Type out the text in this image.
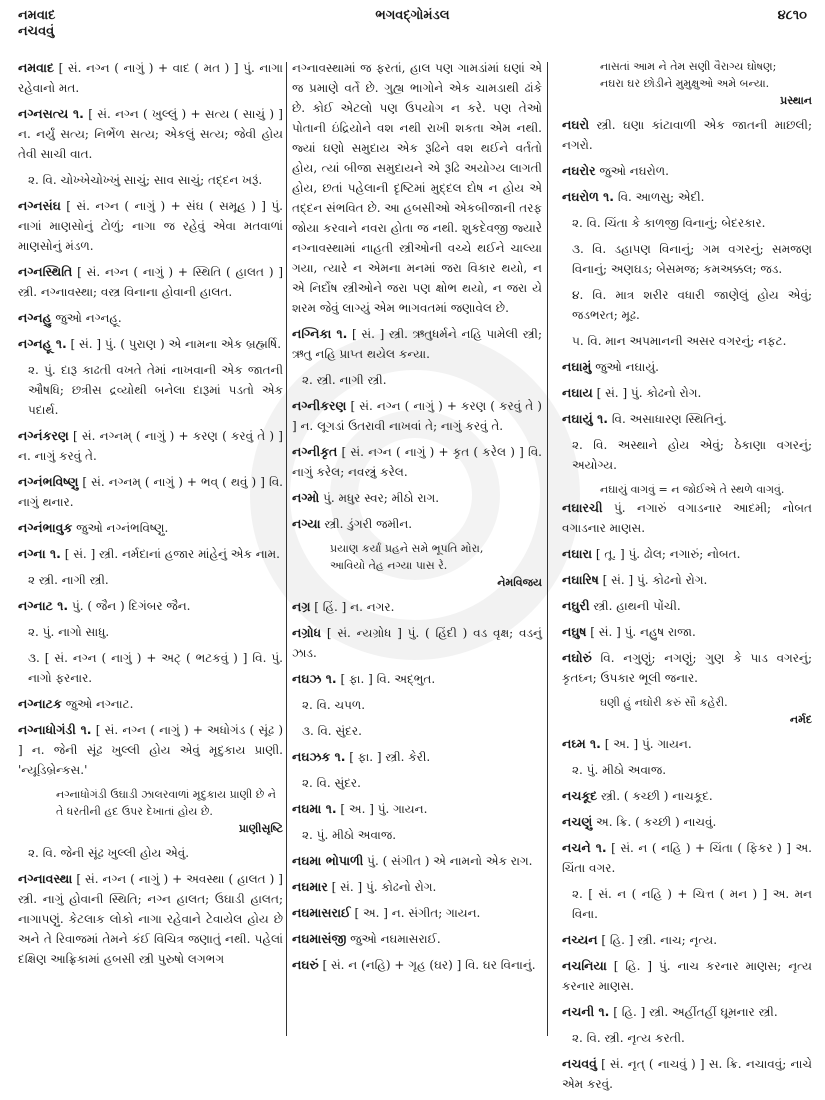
નમવાદ	ભગવદ્ગોમંડલ	૪૮૧૦
નચવવું

નમવાદ [ સં. નગ્ન ( નાગું ) + વાદ ( મત ) ] પું. નાગા રહેવાનો મત.

નગ્નસત્ય ૧. [ સં. નગ્ન ( ખુલ્લું ) + સત્ય ( સાચું ) ] ન. નર્યું સત્ય; નિર્ભેળ સત્ય; એકલું સત્ય; જેવી હોય તેવી સાચી વાત.

૨. વિ. ચોખ્ખેચોખ્ખું સાચું; સાવ સાચું; તદ્દન ખરૂં.

નગ્નસંઘ [ સં. નગ્ન ( નાગું ) + સંઘ ( સમૂહ ) ] પું. નાગાં માણસોનું ટોળું; નાગા જ રહેવું એવા મતવાળાં માણસોનું મંડળ.

નગ્નસ્થિતિ [ સં. નગ્ન ( નાગું ) + સ્થિતિ ( હાલત ) ] સ્ત્રી. નગ્નાવસ્થા; વસ્ત્ર વિનાના હોવાની હાલત.

નગ્નહુ જુઓ નગ્નહૂ.

નગ્નહૂ ૧. [ સં. ] પું. ( પુરાણ ) એ નામના એક બ્રહ્મર્ષિ.

૨. પું. દારૂ કાઢતી વખતે તેમાં નાખવાની એક જાતની ઔષધિ; છત્રીસ દ્રવ્યોથી બનેલા દારૂમાં પડતો એક પદાર્થ.

નગ્નંકરણ [ સં. નગ્નમ્ ( નાગું ) + કરણ ( કરવું તે ) ] ન. નાગું કરવું તે.

નગ્નંભવિષ્ણુ [ સં. નગ્નમ્ ( નાગું ) + ભવ્ ( થવું ) ] વિ. નાગું થનાર.

નગ્નંભાવુક જુઓ નગ્નંભવિષ્ણુ.

નગ્ના ૧. [ સં. ] સ્ત્રી. નર્મદાનાં હજાર માંહેનું એક નામ.

૨ સ્ત્રી. નાગી સ્ત્રી.

નગ્નાટ ૧. પું. ( જૈન ) દિગંબર જૈન.

૨. પું. નાગો સાધુ.

૩. [ સં. નગ્ન ( નાગું ) + અટ્ ( ભટકવું ) ] વિ. પું. નાગો ફરનાર.

નગ્નાટક જુઓ નગ્નાટ.

નગ્નાધોગંડી ૧. [ સં. નગ્ન ( નાગું ) + અધોગંડ ( સૂંઢ ) ] ન. જેની સૂંઢ ખુલ્લી હોય એવું મૃદુકાય પ્રાણી. 'ન્યૂડિબ્રેન્કસ.'

નગ્નાધોગંડી ઉઘાડી ઝાલરવાળાં મૃદુકાય પ્રાણી છે ને તે ધરતીની હદ ઉપર દેખાતાં હોય છે.

પ્રાણીસૃષ્ટિ

૨. વિ. જેની સૂંઢ ખુલ્લી હોય એવું.

નગ્નાવસ્થા [ સં. નગ્ન ( નાગું ) + અવસ્થા ( હાલત ) ] સ્ત્રી. નાગું હોવાની સ્થિતિ; નગ્ન હાલત; ઉઘાડી હાલત; નાગાપણું. કેટલાક લોકો નાગા રહેવાને ટેવાયેલ હોય છે અને તે રિવાજમાં તેમને કંઈ વિચિત્ર જણાતું નથી. પહેલાં દક્ષિણ આફ્રિકામાં હબસી સ્ત્રી પુરુષો લગભગ

નગ્નાવસ્થામાં જ ફરતાં, હાલ પણ ગામડાંમાં ઘણાં એ જ પ્રમાણે વર્તે છે. ગુહ્ય ભાગોને એક ચામડાથી ઢાંકે છે. કોઈ એટલો પણ ઉપયોગ ન કરે. પણ તેઓ પોતાની ઇંદ્રિયોને વશ નથી રાખી શકતા એમ નથી. જ્યાં ઘણો સમુદાય એક રૂઢિને વશ થઈને વર્તતો હોય, ત્યાં બીજા સમુદાયને એ રૂઢિ અયોગ્ય લાગતી હોય, છતાં પહેલાની દૃષ્ટિમાં મુદ્દલ દોષ ન હોય એ તદ્દન સંભવિત છે. આ હબસીઓ એકબીજાની તરફ જોયા કરવાને નવરા હોતા જ નથી. શુકદેવજી જ્યારે નગ્નાવસ્થામાં નાહતી સ્ત્રીઓની વચ્ચે થઈને ચાલ્યા ગયા, ત્યારે ન એમના મનમાં જરા વિકાર થયો, ન એ નિર્દોષ સ્ત્રીઓને જરા પણ ક્ષોભ થયો, ન જરા યે શરમ જેવું લાગ્યું એમ ભાગવતમાં જણાવેલ છે.

નગ્નિકા ૧. [ સં. ] સ્ત્રી. ઋતુધર્મને નહિ પામેલી સ્ત્રી; ઋતુ નહિ પ્રાપ્ત થયેલ કન્યા.

૨. સ્ત્રી. નાગી સ્ત્રી.

નગ્નીકરણ [ સં. નગ્ન ( નાગું ) + કરણ ( કરવું તે ) ] ન. લૂગડાં ઉતરાવી નાખવાં તે; નાગું કરવું તે.

નગ્નીકૃત [ સં. નગ્ન ( નાગું ) + કૃત ( કરેલ ) ] વિ. નાગું કરેલ; નવસ્ત્રું કરેલ.

નગ્મો પું. મધુર સ્વર; મીઠો રાગ.

નગ્યા સ્ત્રી. ડુંગરી જમીન.

પ્રયાણ કર્યાં પ્રહને સમે ભૂપતિ મોરા,

આવિયો તેહ નગ્યા પાસ રે.

નેમવિજય

નગ્ર [ હિં. ] ન. નગર.

નગ્રોધ [ સં. ન્યગ્રોધ ] પું. ( હિંદી ) વડ વૃક્ષ; વડનું ઝાડ.

નઘઝ ૧. [ ફા. ] વિ. અદ્ભુત.

૨. વિ. ચપળ.

૩. વિ. સુંદર.

નઘઝક ૧. [ ફા. ] સ્ત્રી. કેરી.

૨. વિ. સુંદર.

નઘમા ૧. [ અ. ] પું. ગાયન.

૨. પું. મીઠો અવાજ.

નઘમા ભોપાળી પું. ( સંગીત ) એ નામનો એક રાગ.

નઘમાર [ સં. ] પું. કોઢનો રોગ.

નઘમાસરાઈ [ અ. ] ન. સંગીત; ગાયન.

નઘમાસંજી જુઓ નઘમાસરાઈ.

નઘરું [ સં. ન (નહિ) + ગૃહ (ઘર) ] વિ. ઘર વિનાનું.

નાસતાં આમ ને તેમ સણી વૈરાગ્ય ઘોષણ;

નઘરા ઘર છોડીને મુમુક્ષુઓ અમે બન્યા.

પ્રસ્થાન

નઘરો સ્ત્રી. ઘણા કાંટાવાળી એક જાતની માછલી; નગરો.

નઘરોર જુઓ નઘરોળ.

નઘરોળ ૧. વિ. આળસુ; એદી.

૨. વિ. ચિંતા કે કાળજી વિનાનું; બેદરકાર.

૩. વિ. ડહાપણ વિનાનું; ગમ વગરનું; સમજણ વિનાનું; અણઘડ; બેસમજ; કમઅક્કલ; જડ.

૪. વિ. માત્ર શરીર વધારી જાણેલું હોય એવું; જડભરત; મૂઢ.

૫. વિ. માન અપમાનની અસર વગરનું; નફટ.

નઘામું જુઓ નઘાયું.

નઘાય [ સં. ] પું. કોઢનો રોગ.

નઘાયું ૧. વિ. અસાધારણ સ્થિતિનું.

૨. વિ. અસ્થાને હોય એવું; ઠેકાણા વગરનું; અયોગ્ય.

નઘાયું વાગવું = ન જોઈએ તે સ્થળે વાગવું.

નઘારચી પું. નગારું વગાડનાર આદમી; નોબત વગાડનાર માણસ.

નઘારા [ તૂ. ] પું. ઢોલ; નગારું; નોબત.

નઘારિષ [ સં. ] પું. કોઢનો રોગ.

નઘુરી સ્ત્રી. હાથની પોંચી.

નઘુષ [ સં. ] પું. નહુષ રાજા.

નઘોરું વિ. નગુણું; નગણું; ગુણ કે પાડ વગરનું; કૃતઘ્ન; ઉપકાર ભૂલી જનાર.

ઘણી હું નઘોરી કરું સૌ કહેરી.

નર્મદ

નઘ્મ ૧. [ અ. ] પું. ગાયન.

૨. પું. મીઠો અવાજ.

નચકૂદ સ્ત્રી. ( કચ્છી ) નાચકૂદ.

નચણું અ. ક્રિ. ( કચ્છી ) નાચવું.

નચને ૧. [ સં. ન ( નહિ ) + ચિંતા ( ફિકર ) ] અ. ચિંતા વગર.

૨. [ સં. ન ( નહિ ) + ચિત્ત ( મન ) ] અ. મન વિના.

નચ્યન [ હિ. ] સ્ત્રી. નાચ; નૃત્ય.

નચનિયા [ હિ. ] પું. નાચ કરનાર માણસ; નૃત્ય કરનાર માણસ.

નચની ૧. [ હિ. ] સ્ત્રી. અહીંતહીં ઘૂમનાર સ્ત્રી.

૨. વિ. સ્ત્રી. નૃત્ય કરતી.

નચવવું [ સં. નૃત્ ( નાચવું ) ] સ. ક્રિ. નચાવવું; નાચે એમ કરવું.
